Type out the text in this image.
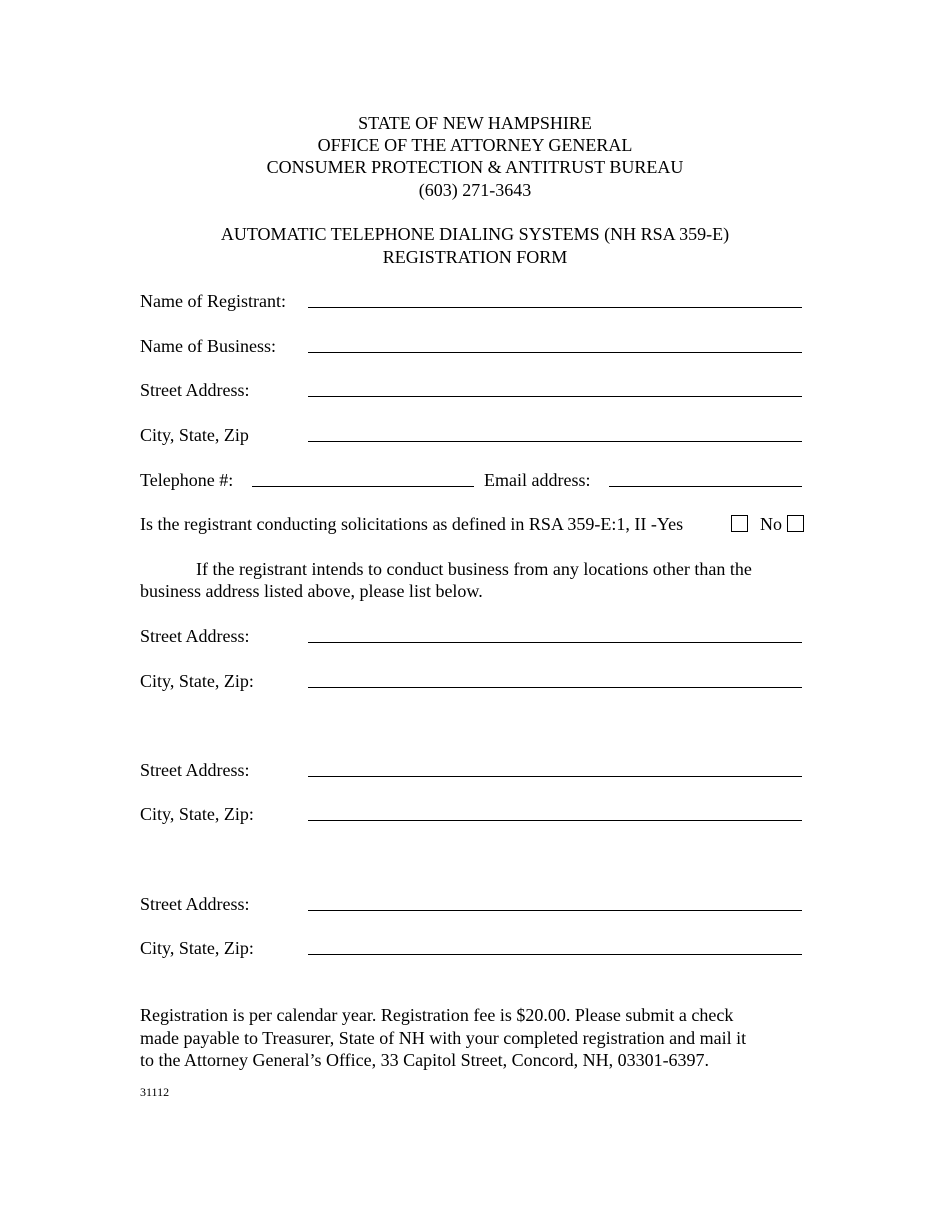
STATE OF NEW HAMPSHIRE
OFFICE OF THE ATTORNEY GENERAL
CONSUMER PROTECTION & ANTITRUST BUREAU
(603) 271-3643
AUTOMATIC TELEPHONE DIALING SYSTEMS (NH RSA 359-E)
REGISTRATION FORM
Name of Registrant:
Name of Business:
Street Address:
City, State, Zip
Telephone #:	Email address:
Is the registrant conducting solicitations as defined in RSA 359-E:1, II -Yes	No
If the registrant intends to conduct business from any locations other than the
business address listed above, please list below.
Street Address:
City, State, Zip:
Street Address:
City, State, Zip:
Street Address:
City, State, Zip:
Registration is per calendar year. Registration fee is $20.00. Please submit a check
made payable to Treasurer, State of NH with your completed registration and mail it
to the Attorney General’s Office, 33 Capitol Street, Concord, NH, 03301-6397.
31112
